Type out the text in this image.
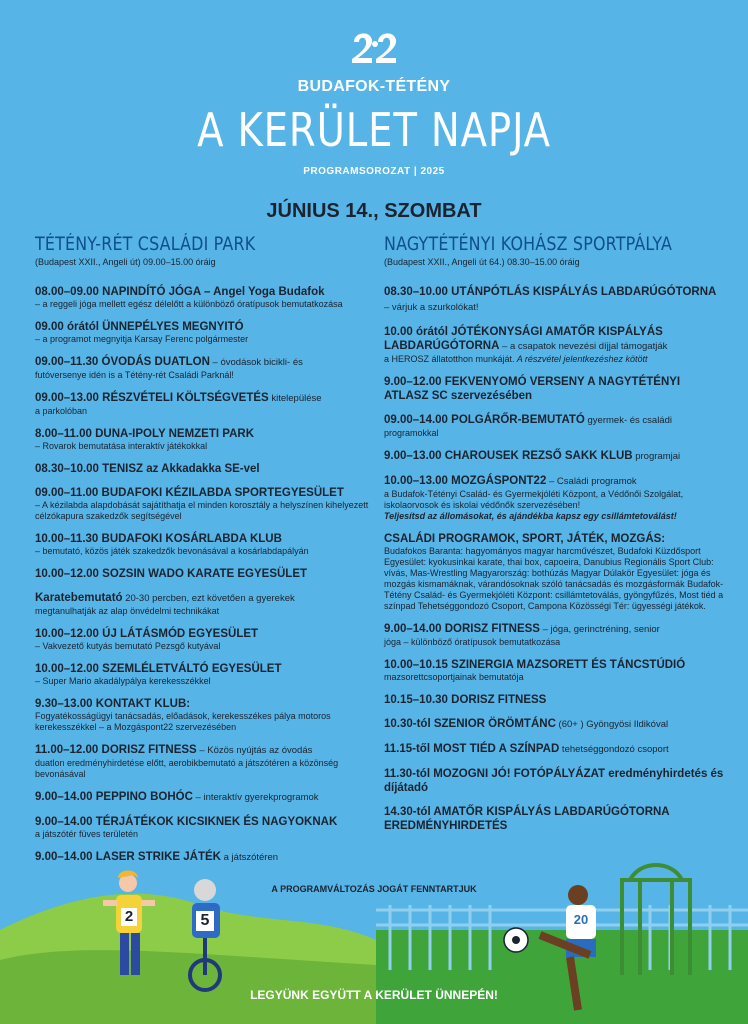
BUDAFOK-TÉTÉNY
A KERÜLET NAPJA
PROGRAMSOROZAT | 2025
JÚNIUS 14., SZOMBAT
TÉTÉNY-RÉT CSALÁDI PARK
(Budapest XXII., Angeli út) 09.00–15.00 óráig
08.00–09.00 NAPINDÍTÓ JÓGA – Angel Yoga Budafok
– a reggeli jóga mellett egész délelőtt a különböző óratípusok bemutatkozása
09.00 órától ÜNNEPÉLYES MEGNYITÓ
– a programot megnyitja Karsay Ferenc polgármester
09.00–11.30 ÓVODÁS DUATLON – óvodások bicikli- és
futóversenye idén is a Tétény-rét Családi Parknál!
09.00–13.00 RÉSZVÉTELI KÖLTSÉGVETÉS kitelepülése
a parkolóban
8.00–11.00 DUNA-IPOLY NEMZETI PARK
– Rovarok bemutatása interaktív játékokkal
08.30–10.00 TENISZ az Akkadakka SE-vel
09.00–11.00 BUDAFOKI KÉZILABDA SPORTEGYESÜLET
– A kézilabda alapdobását sajátíthatja el minden korosztály a helyszínen kihelyezett célzókapura szakedzők segítségével
10.00–11.30 BUDAFOKI KOSÁRLABDA KLUB
– bemutató, közös játék szakedzők bevonásával a kosárlabdapályán
10.00–12.00 SOZSIN WADO KARATE EGYESÜLET
Karatebemutató 20-30 percben, ezt követően a gyerekek
megtanulhatják az alap önvédelmi technikákat
10.00–12.00 ÚJ LÁTÁSMÓD EGYESÜLET
– Vakvezető kutyás bemutató Pezsgő kutyával
10.00–12.00 SZEMLÉLETVÁLTÓ EGYESÜLET
– Super Mario akadálypálya kerekesszékkel
9.30–13.00 KONTAKT KLUB:
Fogyatékosságügyi tanácsadás, előadások, kerekesszékes pálya motoros kerekesszékkel – a Mozgáspont22 szervezésében
11.00–12.00 DORISZ FITNESS – Közös nyújtás az óvodás
duatlon eredményhirdetése előtt, aerobikbemutató a játszótéren a közönség bevonásával
9.00–14.00 PEPPINO BOHÓC – interaktív gyerekprogramok
9.00–14.00 TÉRJÁTÉKOK KICSIKNEK ÉS NAGYOKNAK
a játszótér füves területén
9.00–14.00 LASER STRIKE JÁTÉK a játszótéren
NAGYTÉTÉNYI KOHÁSZ SPORTPÁLYA
(Budapest XXII., Angeli út 64.) 08.30–15.00 óráig
08.30–10.00 UTÁNPÓTLÁS KISPÁLYÁS LABDARÚGÓTORNA – várjuk a szurkolókat!
10.00 órától JÓTÉKONYSÁGI AMATŐR KISPÁLYÁS LABDARÚGÓTORNA – a csapatok nevezési díjjal támogatják
a HEROSZ állatotthon munkáját. A részvétel jelentkezéshez kötött
9.00–12.00 FEKVENYOMÓ VERSENY A NAGYTÉTÉNYI ATLASZ SC szervezésében
09.00–14.00 POLGÁRŐR-BEMUTATÓ gyermek- és családi
programokkal
9.00–13.00 CHAROUSEK REZSŐ SAKK KLUB programjai
10.00–13.00 MOZGÁSPONT22 – Családi programok
a Budafok-Tétényi Család- és Gyermekjóléti Központ, a Védőnői Szolgálat, iskolaorvosok és iskolai védőnők szervezésében!
Teljesítsd az állomásokat, és ajándékba kapsz egy csillámtetoválást!
CSALÁDI PROGRAMOK, SPORT, JÁTÉK, MOZGÁS:
Budafokos Baranta: hagyományos magyar harcművészet, Budafoki Küzdősport Egyesület: kyokusinkai karate, thai box, capoeira, Danubius Regionális Sport Club: vívás, Mas-Wrestling Magyarország: bothúzás Magyar Dúlakör Egyesület: jóga és mozgás kismamáknak, várandósoknak szóló tanácsadás és mozgásformák Budafok-Tétény Család- és Gyermekjóléti Központ: csillámtetoválás, gyöngyfűzés, Most tiéd a színpad Tehetséggondozó Csoport, Campona Közösségi Tér: ügyességi játékok.
9.00–14.00 DORISZ FITNESS – jóga, gerinctréning, senior
jóga – különböző óratípusok bemutatkozása
10.00–10.15 SZINERGIA MAZSORETT ÉS TÁNCSTÚDIÓ
mazsorettcsoportjainak bemutatója
10.15–10.30 DORISZ FITNESS
10.30-tól SZENIOR ÖRÖMTÁNC (60+ ) Gyöngyösi Ildikóval
11.15-től MOST TIÉD A SZÍNPAD tehetséggondozó csoport
11.30-tól MOZOGNI JÓ! FOTÓPÁLYÁZAT eredményhirdetés és díjátadó
14.30-tól AMATŐR KISPÁLYÁS LABDARÚGÓTORNA EREDMÉNYHIRDETÉS
2	5	20
A PROGRAMVÁLTOZÁS JOGÁT FENNTARTJUK
LEGYÜNK EGYÜTT A KERÜLET ÜNNEPÉN!
